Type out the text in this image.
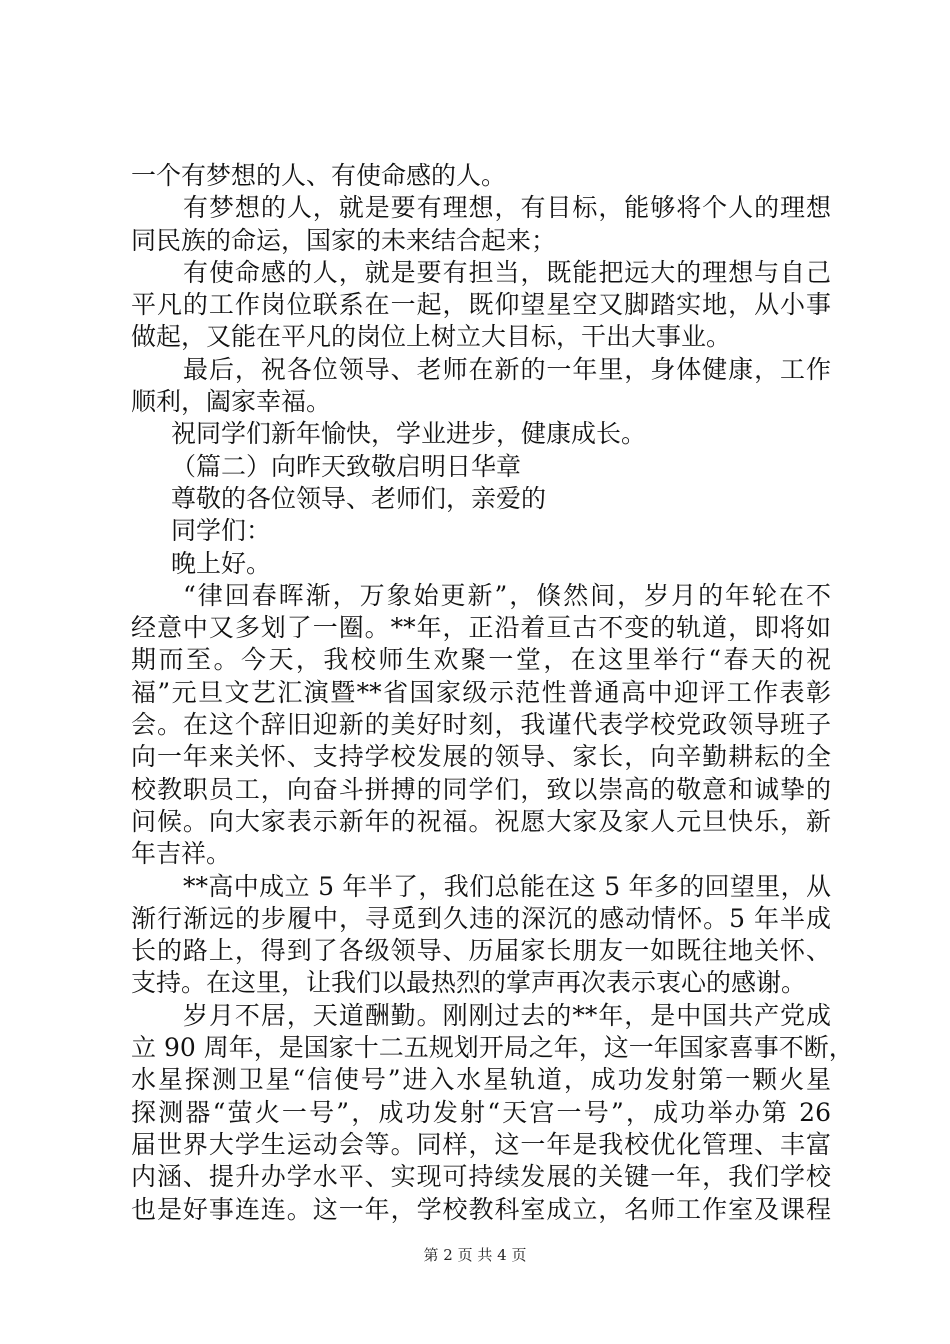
一个有梦想的人、有使命感的人。
有梦想的人，就是要有理想，有目标，能够将个人的理想
同民族的命运，国家的未来结合起来；
有使命感的人，就是要有担当，既能把远大的理想与自己
平凡的工作岗位联系在一起，既仰望星空又脚踏实地，从小事
做起，又能在平凡的岗位上树立大目标，干出大事业。
最后，祝各位领导、老师在新的一年里，身体健康，工作
顺利，阖家幸福。
祝同学们新年愉快，学业进步，健康成长。
（篇二）向昨天致敬启明日华章
尊敬的各位领导、老师们，亲爱的
同学们：
晚上好。
“律回春晖渐，万象始更新”，倏然间，岁月的年轮在不
经意中又多划了一圈。**年，正沿着亘古不变的轨道，即将如
期而至。今天，我校师生欢聚一堂，在这里举行“春天的祝
福”元旦文艺汇演暨**省国家级示范性普通高中迎评工作表彰
会。在这个辞旧迎新的美好时刻，我谨代表学校党政领导班子
向一年来关怀、支持学校发展的领导、家长，向辛勤耕耘的全
校教职员工，向奋斗拼搏的同学们，致以崇高的敬意和诚挚的
问候。向大家表示新年的祝福。祝愿大家及家人元旦快乐，新
年吉祥。
**高中成立 5 年半了，我们总能在这 5 年多的回望里，从
渐行渐远的步履中，寻觅到久违的深沉的感动情怀。5 年半成
长的路上，得到了各级领导、历届家长朋友一如既往地关怀、
支持。在这里，让我们以最热烈的掌声再次表示衷心的感谢。
岁月不居，天道酬勤。刚刚过去的**年，是中国共产党成
立 90 周年，是国家十二五规划开局之年，这一年国家喜事不断，
水星探测卫星“信使号”进入水星轨道，成功发射第一颗火星
探测器“萤火一号”，成功发射“天宫一号”，成功举办第 26
届世界大学生运动会等。同样，这一年是我校优化管理、丰富
内涵、提升办学水平、实现可持续发展的关键一年，我们学校
也是好事连连。这一年，学校教科室成立，名师工作室及课程
第 2 页 共 4 页
